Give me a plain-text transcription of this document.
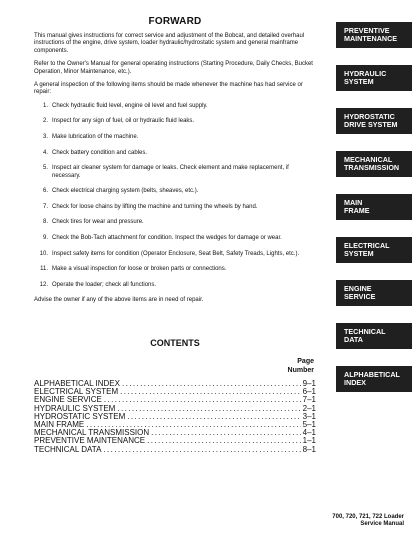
FORWARD

This manual gives instructions for correct service and adjustment of the Bobcat, and detailed overhaul instructions of the engine, drive system, loader hydraulic/hydrostatic system and general mainframe components.

Refer to the Owner's Manual for general operating instructions (Starting Procedure, Daily Checks, Bucket Operation, Minor Maintenance, etc.).

A general inspection of the following items should be made whenever the machine has had service or repair:

1. Check hydraulic fluid level, engine oil level and fuel supply.
2. Inspect for any sign of fuel, oil or hydraulic fluid leaks.
3. Make lubrication of the machine.
4. Check battery condition and cables.
5. Inspect air cleaner system for damage or leaks. Check element and make replacement, if necessary.
6. Check electrical charging system (belts, sheaves, etc.).
7. Check for loose chains by lifting the machine and turning the wheels by hand.
8. Check tires for wear and pressure.
9. Check the Bob-Tach attachment for condition. Inspect the wedges for damage or wear.
10. Inspect safety items for condition (Operator Enclosure, Seat Belt, Safety Treads, Lights, etc.).
11. Make a visual inspection for loose or broken parts or connections.
12. Operate the loader; check all functions.

Advise the owner if any of the above items are in need of repair.

CONTENTS
Page
Number
ALPHABETICAL INDEX .....	9–1
ELECTRICAL SYSTEM .....	6–1
ENGINE SERVICE .....	7–1
HYDRAULIC SYSTEM .....	2–1
HYDROSTATIC SYSTEM .....	3–1
MAIN FRAME .....	5–1
MECHANICAL TRANSMISSION .....	4–1
PREVENTIVE MAINTENANCE .....	1–1
TECHNICAL DATA .....	8–1
PREVENTIVE
MAINTENANCE
HYDRAULIC
SYSTEM
HYDROSTATIC
DRIVE SYSTEM
MECHANICAL
TRANSMISSION
MAIN
FRAME
ELECTRICAL
SYSTEM
ENGINE
SERVICE
TECHNICAL
DATA
ALPHABETICAL
INDEX
700, 720, 721, 722 Loader
Service Manual
